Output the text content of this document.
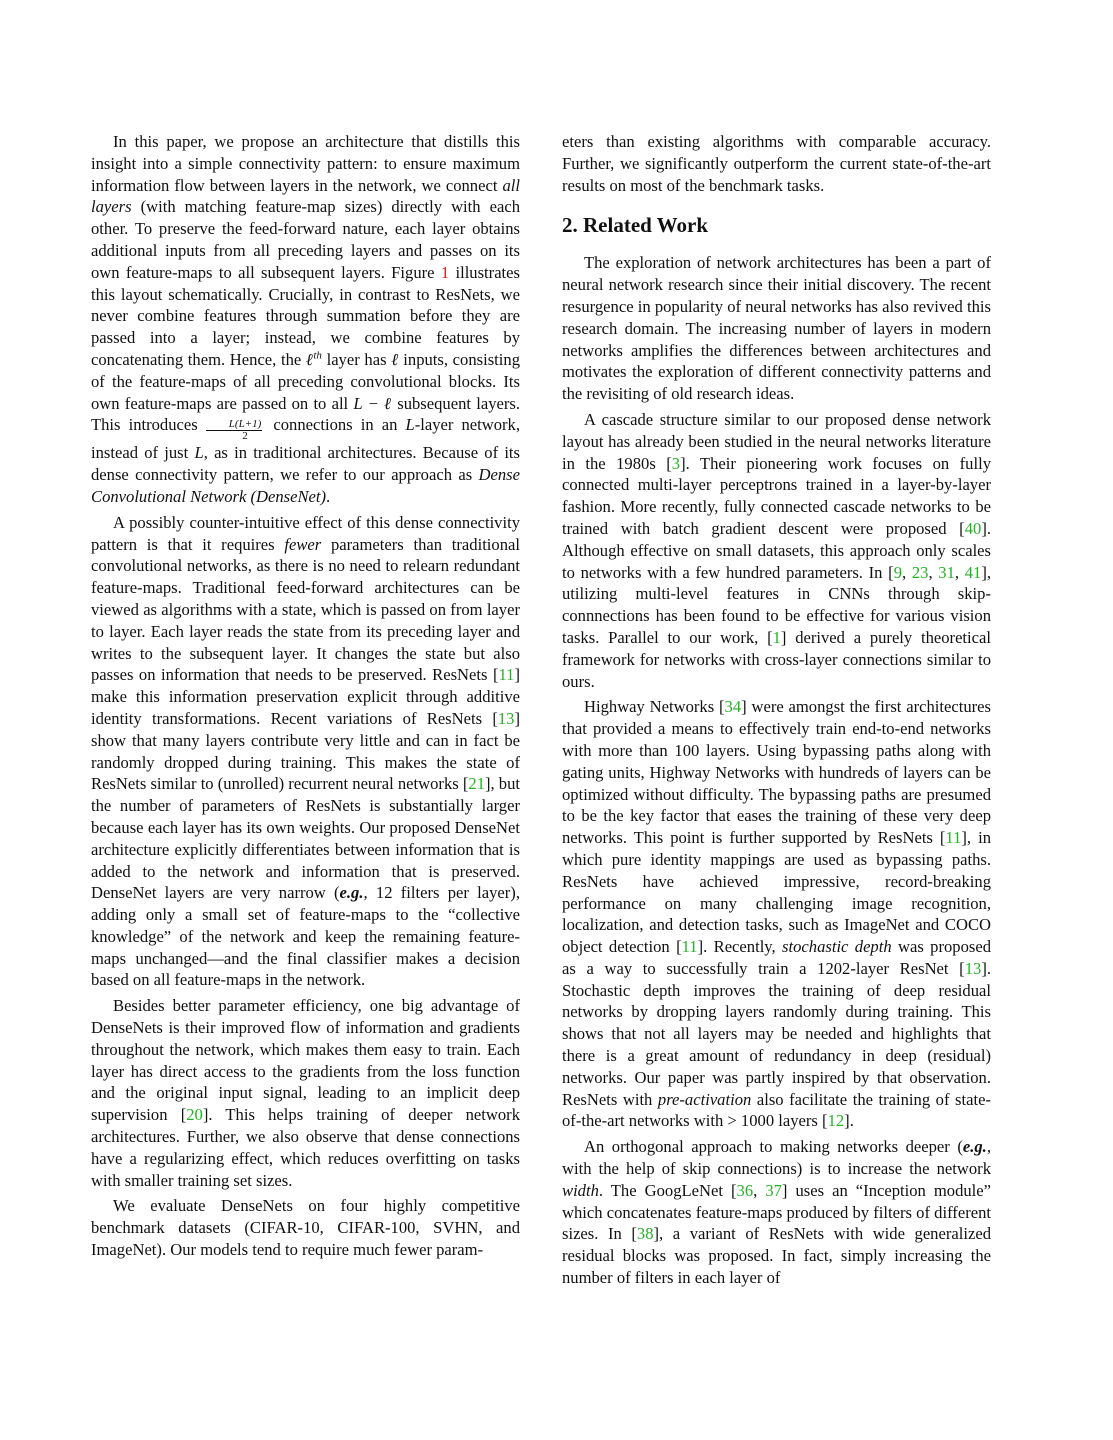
In this paper, we propose an architecture that distills this insight into a simple connectivity pattern: to ensure maximum information flow between layers in the network, we connect all layers (with matching feature-map sizes) directly with each other. To preserve the feed-forward nature, each layer obtains additional inputs from all preceding layers and passes on its own feature-maps to all subsequent layers. Figure 1 illustrates this layout schematically. Crucially, in contrast to ResNets, we never combine features through summation before they are passed into a layer; instead, we combine features by concatenating them. Hence, the ℓ$^{th}$ layer has ℓ inputs, consisting of the feature-maps of all preceding convolutional blocks. Its own feature-maps are passed on to all L − ℓ subsequent layers. This introduces $\frac{L(L+1)}{2}$ connections in an L-layer network, instead of just L, as in traditional architectures. Because of its dense connectivity pattern, we refer to our approach as Dense Convolutional Network (DenseNet).

A possibly counter-intuitive effect of this dense connectivity pattern is that it requires fewer parameters than traditional convolutional networks, as there is no need to relearn redundant feature-maps. Traditional feed-forward architectures can be viewed as algorithms with a state, which is passed on from layer to layer. Each layer reads the state from its preceding layer and writes to the subsequent layer. It changes the state but also passes on information that needs to be preserved. ResNets [11] make this information preservation explicit through additive identity transformations. Recent variations of ResNets [13] show that many layers contribute very little and can in fact be randomly dropped during training. This makes the state of ResNets similar to (unrolled) recurrent neural networks [21], but the number of parameters of ResNets is substantially larger because each layer has its own weights. Our proposed DenseNet architecture explicitly differentiates between information that is added to the network and information that is preserved. DenseNet layers are very narrow (e.g., 12 filters per layer), adding only a small set of feature-maps to the “collective knowledge” of the network and keep the remaining feature-maps unchanged—and the final classifier makes a decision based on all feature-maps in the network.

Besides better parameter efficiency, one big advantage of DenseNets is their improved flow of information and gradients throughout the network, which makes them easy to train. Each layer has direct access to the gradients from the loss function and the original input signal, leading to an implicit deep supervision [20]. This helps training of deeper network architectures. Further, we also observe that dense connections have a regularizing effect, which reduces overfitting on tasks with smaller training set sizes.

We evaluate DenseNets on four highly competitive benchmark datasets (CIFAR-10, CIFAR-100, SVHN, and ImageNet). Our models tend to require much fewer param-

eters than existing algorithms with comparable accuracy. Further, we significantly outperform the current state-of-the-art results on most of the benchmark tasks.

2. Related Work

The exploration of network architectures has been a part of neural network research since their initial discovery. The recent resurgence in popularity of neural networks has also revived this research domain. The increasing number of layers in modern networks amplifies the differences between architectures and motivates the exploration of different connectivity patterns and the revisiting of old research ideas.

A cascade structure similar to our proposed dense network layout has already been studied in the neural networks literature in the 1980s [3]. Their pioneering work focuses on fully connected multi-layer perceptrons trained in a layer-by-layer fashion. More recently, fully connected cascade networks to be trained with batch gradient descent were proposed [40]. Although effective on small datasets, this approach only scales to networks with a few hundred parameters. In [9, 23, 31, 41], utilizing multi-level features in CNNs through skip-connnections has been found to be effective for various vision tasks. Parallel to our work, [1] derived a purely theoretical framework for networks with cross-layer connections similar to ours.

Highway Networks [34] were amongst the first architectures that provided a means to effectively train end-to-end networks with more than 100 layers. Using bypassing paths along with gating units, Highway Networks with hundreds of layers can be optimized without difficulty. The bypassing paths are presumed to be the key factor that eases the training of these very deep networks. This point is further supported by ResNets [11], in which pure identity mappings are used as bypassing paths. ResNets have achieved impressive, record-breaking performance on many challenging image recognition, localization, and detection tasks, such as ImageNet and COCO object detection [11]. Recently, stochastic depth was proposed as a way to successfully train a 1202-layer ResNet [13]. Stochastic depth improves the training of deep residual networks by dropping layers randomly during training. This shows that not all layers may be needed and highlights that there is a great amount of redundancy in deep (residual) networks. Our paper was partly inspired by that observation. ResNets with pre-activation also facilitate the training of state-of-the-art networks with > 1000 layers [12].

An orthogonal approach to making networks deeper (e.g., with the help of skip connections) is to increase the network width. The GoogLeNet [36, 37] uses an “Inception module” which concatenates feature-maps produced by filters of different sizes. In [38], a variant of ResNets with wide generalized residual blocks was proposed. In fact, simply increasing the number of filters in each layer of
